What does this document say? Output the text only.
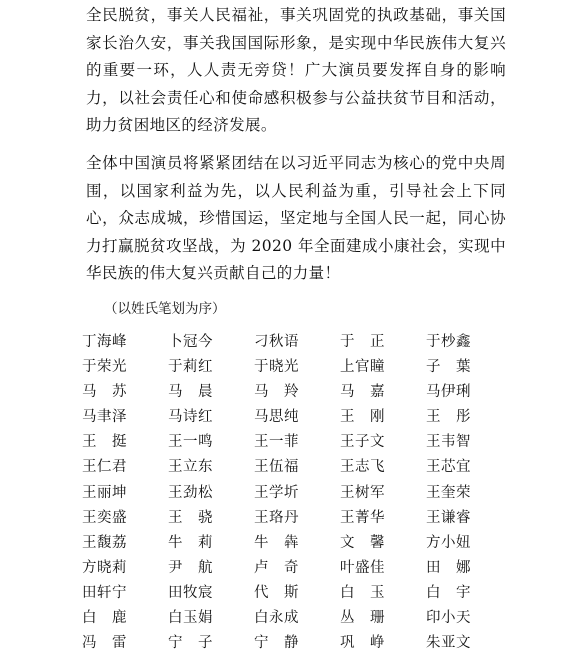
全民脱贫，事关人民福祉，事关巩固党的执政基础，事关国家长治久安，事关我国国际形象，是实现中华民族伟大复兴的重要一环，人人责无旁贷！广大演员要发挥自身的影响力，以社会责任心和使命感积极参与公益扶贫节目和活动，助力贫困地区的经济发展。

全体中国演员将紧紧团结在以习近平同志为核心的党中央周围，以国家利益为先，以人民利益为重，引导社会上下同心，众志成城，珍惜国运，坚定地与全国人民一起，同心协力打赢脱贫攻坚战，为 2020 年全面建成小康社会，实现中华民族的伟大复兴贡献自己的力量！

（以姓氏笔划为序）

丁海峰	卜冠今	刁秋语	于　正	于杪鑫
于荣光	于莉红	于晓光	上官瞳	子　葉
马　苏	马　晨	马　羚	马　嘉	马伊琍
马聿泽	马诗红	马思纯	王　刚	王　彤
王　挺	王一鸣	王一菲	王子文	王韦智
王仁君	王立东	王伍福	王志飞	王芯宜
王丽坤	王劲松	王学圻	王树军	王奎荣
王奕盛	王　骁	王珞丹	王菁华	王谦睿
王馥荔	牛　莉	牛　犇	文　馨	方小妞
方晓莉	尹　航	卢　奇	叶盛佳	田　娜
田轩宁	田牧宸	代　斯	白　玉	白　宇
白　鹿	白玉娟	白永成	丛　珊	印小天
冯　雷	宁　子	宁　静	巩　峥	朱亚文
